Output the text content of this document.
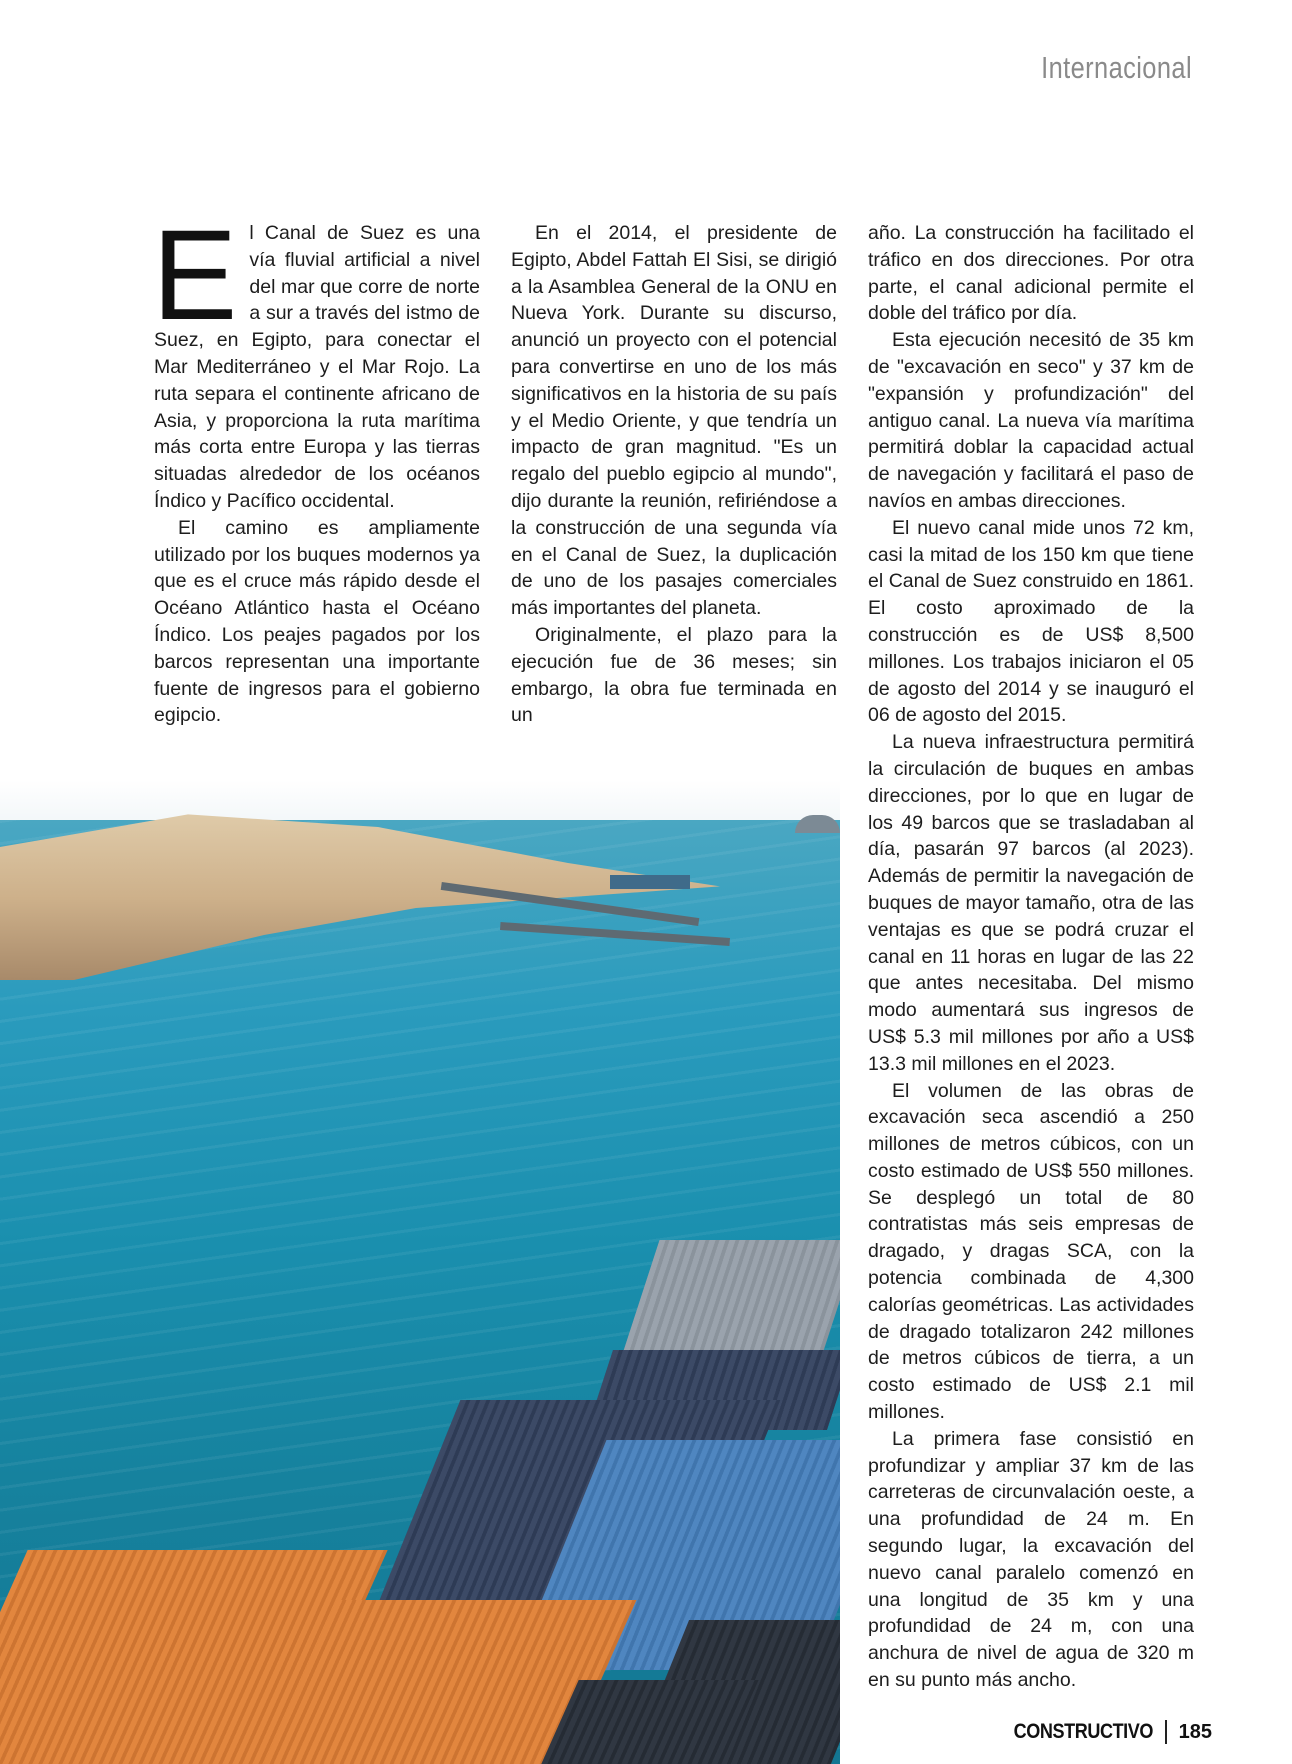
Internacional
E l Canal de Suez es una vía fluvial artificial a nivel del mar que corre de norte a sur a través del istmo de Suez, en Egipto, para conectar el Mar Mediterráneo y el Mar Rojo. La ruta separa el continente africano de Asia, y proporciona la ruta marítima más corta entre Europa y las tierras situadas alrededor de los océanos Índico y Pacífico occidental.

El camino es ampliamente utilizado por los buques modernos ya que es el cruce más rápido desde el Océano Atlántico hasta el Océano Índico. Los peajes pagados por los barcos representan una importante fuente de ingresos para el gobierno egipcio.

En el 2014, el presidente de Egipto, Abdel Fattah El Sisi, se dirigió a la Asamblea General de la ONU en Nueva York. Durante su discurso, anunció un proyecto con el potencial para convertirse en uno de los más significativos en la historia de su país y el Medio Oriente, y que tendría un impacto de gran magnitud. "Es un regalo del pueblo egipcio al mundo", dijo durante la reunión, refiriéndose a la construcción de una segunda vía en el Canal de Suez, la duplicación de uno de los pasajes comerciales más importantes del planeta.

Originalmente, el plazo para la ejecución fue de 36 meses; sin embargo, la obra fue terminada en un

año. La construcción ha facilitado el tráfico en dos direcciones. Por otra parte, el canal adicional permite el doble del tráfico por día.

Esta ejecución necesitó de 35 km de "excavación en seco" y 37 km de "expansión y profundización" del antiguo canal. La nueva vía marítima permitirá doblar la capacidad actual de navegación y facilitará el paso de navíos en ambas direcciones.

El nuevo canal mide unos 72 km, casi la mitad de los 150 km que tiene el Canal de Suez construido en 1861. El costo aproximado de la construcción es de US$ 8,500 millones. Los trabajos iniciaron el 05 de agosto del 2014 y se inauguró el 06 de agosto del 2015.

La nueva infraestructura permitirá la circulación de buques en ambas direcciones, por lo que en lugar de los 49 barcos que se trasladaban al día, pasarán 97 barcos (al 2023). Además de permitir la navegación de buques de mayor tamaño, otra de las ventajas es que se podrá cruzar el canal en 11 horas en lugar de las 22 que antes necesitaba. Del mismo modo aumentará sus ingresos de US$ 5.3 mil millones por año a US$ 13.3 mil millones en el 2023.

El volumen de las obras de excavación seca ascendió a 250 millones de metros cúbicos, con un costo estimado de US$ 550 millones. Se desplegó un total de 80 contratistas más seis empresas de dragado, y dragas SCA, con la potencia combinada de 4,300 calorías geométricas. Las actividades de dragado totalizaron 242 millones de metros cúbicos de tierra, a un costo estimado de US$ 2.1 mil millones.

La primera fase consistió en profundizar y ampliar 37 km de las carreteras de circunvalación oeste, a una profundidad de 24 m. En segundo lugar, la excavación del nuevo canal paralelo comenzó en una longitud de 35 km y una profundidad de 24 m, con una anchura de nivel de agua de 320 m en su punto más ancho.

CONSTRUCTIVO 185
